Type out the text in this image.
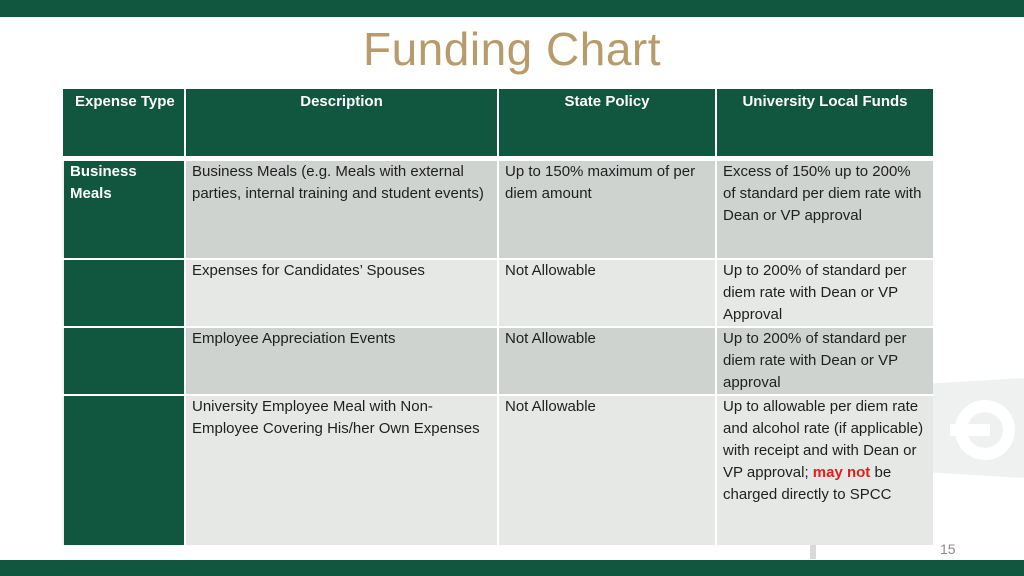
Funding Chart
Expense Type	Description	State Policy	University Local Funds

Business
Meals	Business Meals (e.g. Meals with external parties, internal training and student events)	Up to 150% maximum of per diem amount	Excess of 150% up to 200% of standard per diem rate with Dean or VP approval
	Expenses for Candidates’ Spouses	Not Allowable	Up to 200% of standard per diem rate with Dean or VP Approval
	Employee Appreciation Events	Not Allowable	Up to 200% of standard per diem rate with Dean or VP approval
	University Employee Meal with Non-Employee Covering His/her Own Expenses	Not Allowable	Up to allowable per diem rate and alcohol rate (if applicable) with receipt and with Dean or VP approval; may not be charged directly to SPCC
15
